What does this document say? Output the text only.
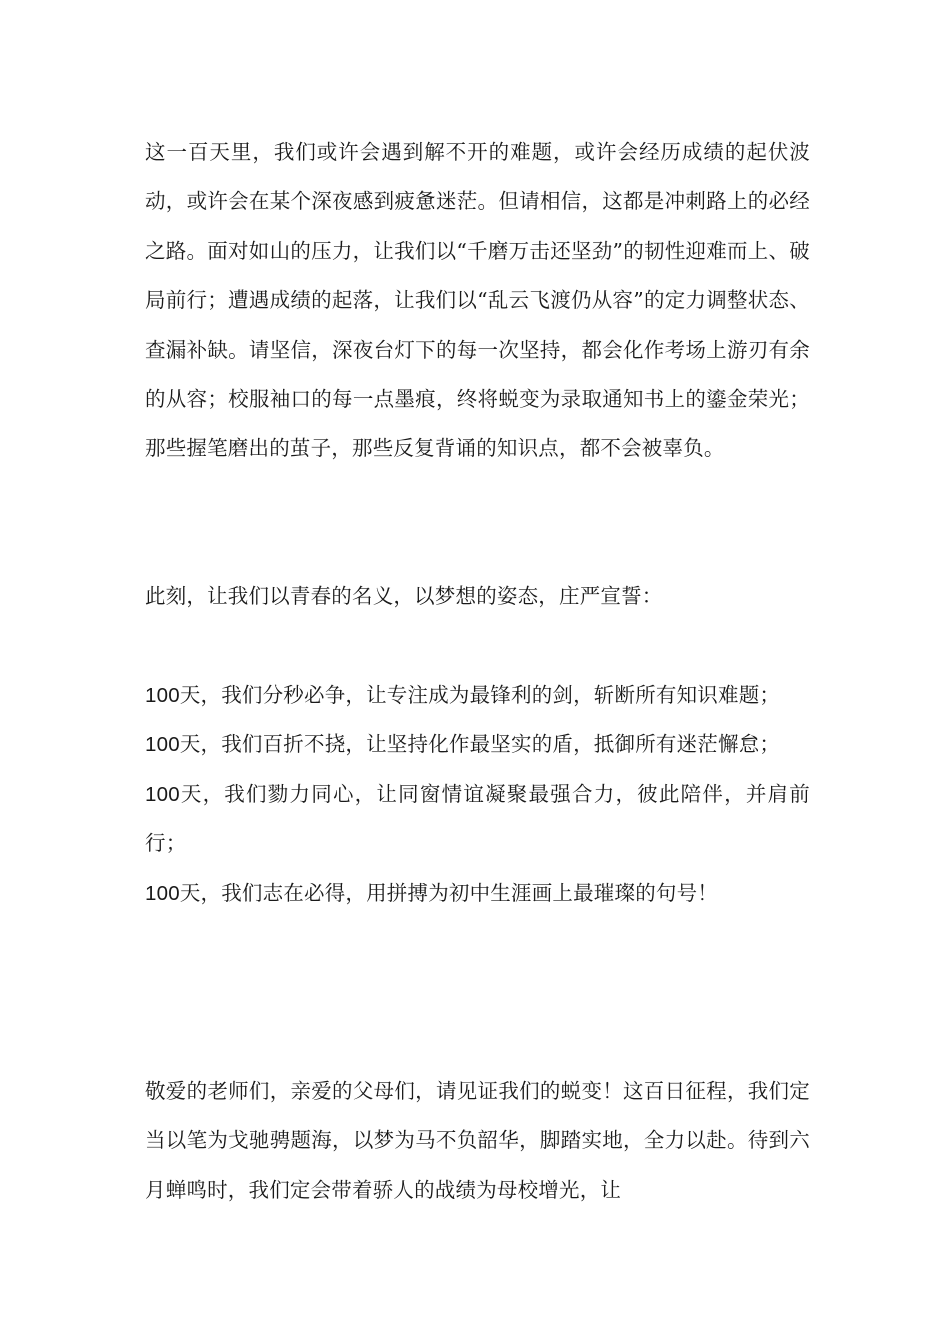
这一百天里，我们或许会遇到解不开的难题，或许会经历成绩的起伏波动，或许会在某个深夜感到疲惫迷茫。但请相信，这都是冲刺路上的必经之路。面对如山的压力，让我们以“千磨万击还坚劲”的韧性迎难而上、破局前行；遭遇成绩的起落，让我们以“乱云飞渡仍从容”的定力调整状态、查漏补缺。请坚信，深夜台灯下的每一次坚持，都会化作考场上游刃有余的从容；校服袖口的每一点墨痕，终将蜕变为录取通知书上的鎏金荣光；那些握笔磨出的茧子，那些反复背诵的知识点，都不会被辜负。

此刻，让我们以青春的名义，以梦想的姿态，庄严宣誓：

100天，我们分秒必争，让专注成为最锋利的剑，斩断所有知识难题；

100天，我们百折不挠，让坚持化作最坚实的盾，抵御所有迷茫懈怠；

100天，我们勠力同心，让同窗情谊凝聚最强合力，彼此陪伴，并肩前行；

100天，我们志在必得，用拼搏为初中生涯画上最璀璨的句号！

敬爱的老师们，亲爱的父母们，请见证我们的蜕变！这百日征程，我们定当以笔为戈驰骋题海，以梦为马不负韶华，脚踏实地，全力以赴。待到六月蝉鸣时，我们定会带着骄人的战绩为母校增光，让
